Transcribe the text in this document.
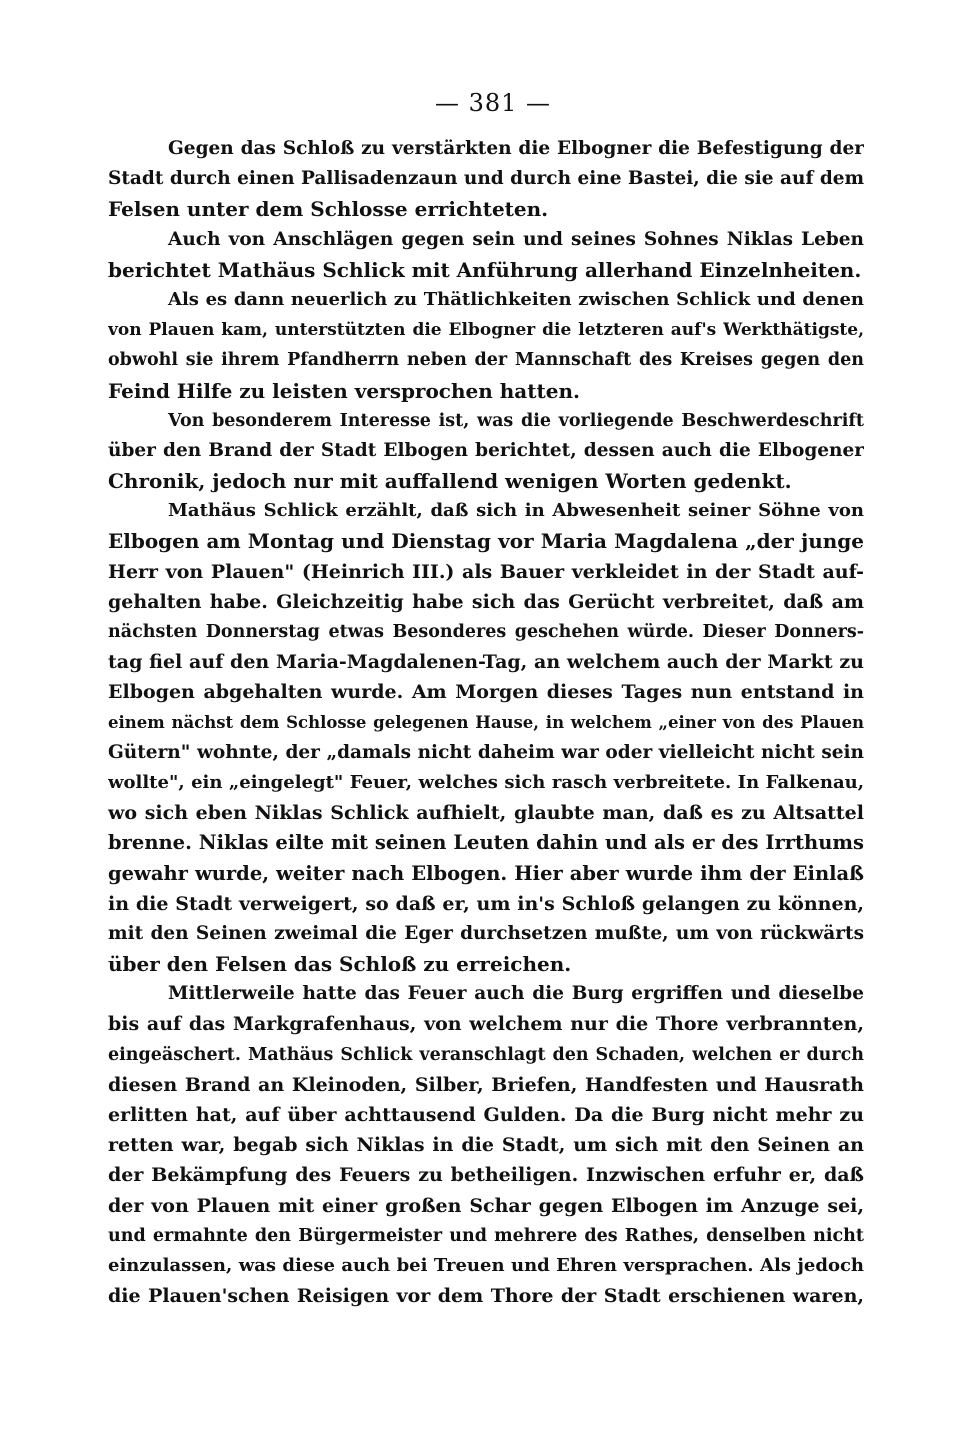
— 381 —
Gegen das Schloß zu verstärkten die Elbogner die Befestigung der
Stadt durch einen Pallisadenzaun und durch eine Bastei, die sie auf dem
Felsen unter dem Schlosse errichteten.
Auch von Anschlägen gegen sein und seines Sohnes Niklas Leben
berichtet Mathäus Schlick mit Anführung allerhand Einzelnheiten.
Als es dann neuerlich zu Thätlichkeiten zwischen Schlick und denen
von Plauen kam, unterstützten die Elbogner die letzteren auf's Werkthätigste,
obwohl sie ihrem Pfandherrn neben der Mannschaft des Kreises gegen den
Feind Hilfe zu leisten versprochen hatten.
Von besonderem Interesse ist, was die vorliegende Beschwerdeschrift
über den Brand der Stadt Elbogen berichtet, dessen auch die Elbogener
Chronik, jedoch nur mit auffallend wenigen Worten gedenkt.
Mathäus Schlick erzählt, daß sich in Abwesenheit seiner Söhne von
Elbogen am Montag und Dienstag vor Maria Magdalena „der junge
Herr von Plauen" (Heinrich III.) als Bauer verkleidet in der Stadt auf-
gehalten habe. Gleichzeitig habe sich das Gerücht verbreitet, daß am
nächsten Donnerstag etwas Besonderes geschehen würde. Dieser Donners-
tag fiel auf den Maria-Magdalenen-Tag, an welchem auch der Markt zu
Elbogen abgehalten wurde. Am Morgen dieses Tages nun entstand in
einem nächst dem Schlosse gelegenen Hause, in welchem „einer von des Plauen
Gütern" wohnte, der „damals nicht daheim war oder vielleicht nicht sein
wollte", ein „eingelegt" Feuer, welches sich rasch verbreitete. In Falkenau,
wo sich eben Niklas Schlick aufhielt, glaubte man, daß es zu Altsattel
brenne. Niklas eilte mit seinen Leuten dahin und als er des Irrthums
gewahr wurde, weiter nach Elbogen. Hier aber wurde ihm der Einlaß
in die Stadt verweigert, so daß er, um in's Schloß gelangen zu können,
mit den Seinen zweimal die Eger durchsetzen mußte, um von rückwärts
über den Felsen das Schloß zu erreichen.
Mittlerweile hatte das Feuer auch die Burg ergriffen und dieselbe
bis auf das Markgrafenhaus, von welchem nur die Thore verbrannten,
eingeäschert. Mathäus Schlick veranschlagt den Schaden, welchen er durch
diesen Brand an Kleinoden, Silber, Briefen, Handfesten und Hausrath
erlitten hat, auf über achttausend Gulden. Da die Burg nicht mehr zu
retten war, begab sich Niklas in die Stadt, um sich mit den Seinen an
der Bekämpfung des Feuers zu betheiligen. Inzwischen erfuhr er, daß
der von Plauen mit einer großen Schar gegen Elbogen im Anzuge sei,
und ermahnte den Bürgermeister und mehrere des Rathes, denselben nicht
einzulassen, was diese auch bei Treuen und Ehren versprachen. Als jedoch
die Plauen'schen Reisigen vor dem Thore der Stadt erschienen waren,
